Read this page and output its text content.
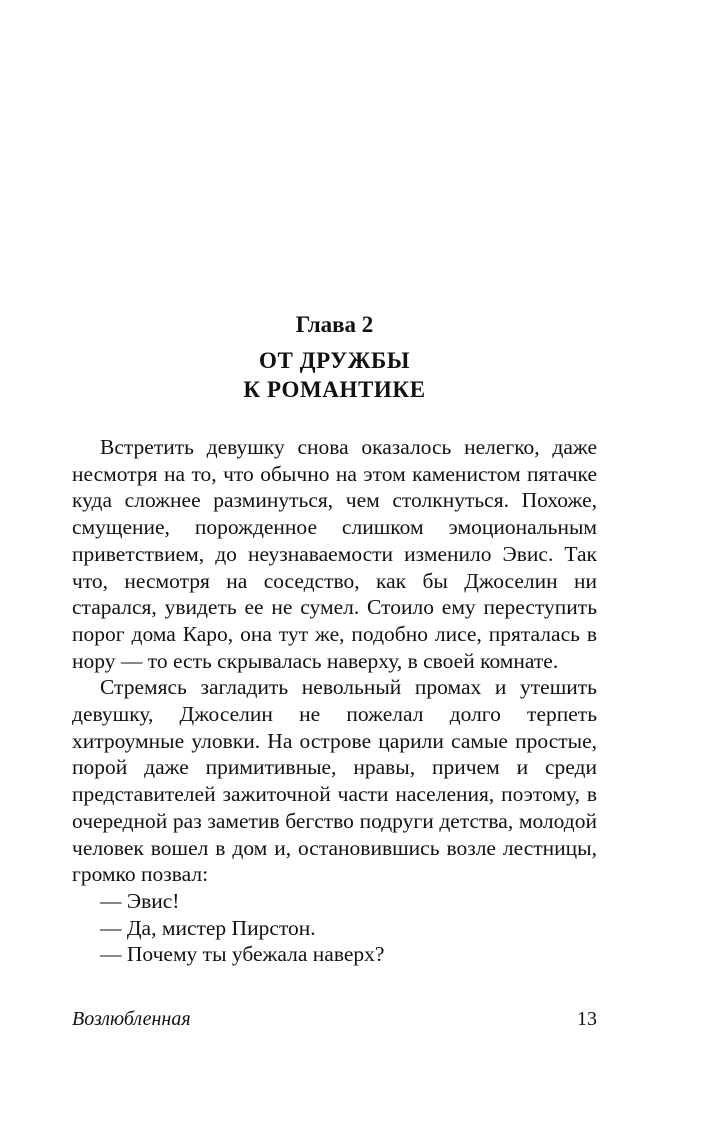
Глава 2
ОТ ДРУЖБЫ
К РОМАНТИКЕ

Встретить девушку снова оказалось нелегко, даже несмотря на то, что обычно на этом каменистом пятачке куда сложнее разминуться, чем столкнуться. Похоже, смущение, порожденное слишком эмоциональным приветствием, до неузнаваемости изменило Эвис. Так что, несмотря на соседство, как бы Джоселин ни старался, увидеть ее не сумел. Стоило ему переступить порог дома Каро, она тут же, подобно лисе, пряталась в нору — то есть скрывалась наверху, в своей комнате.

Стремясь загладить невольный промах и утешить девушку, Джоселин не пожелал долго терпеть хитроумные уловки. На острове царили самые простые, порой даже примитивные, нравы, причем и среди представителей зажиточной части населения, поэтому, в очередной раз заметив бегство подруги детства, молодой человек вошел в дом и, остановившись возле лестницы, громко позвал:

— Эвис!

— Да, мистер Пирстон.

— Почему ты убежала наверх?

Возлюбленная	13
